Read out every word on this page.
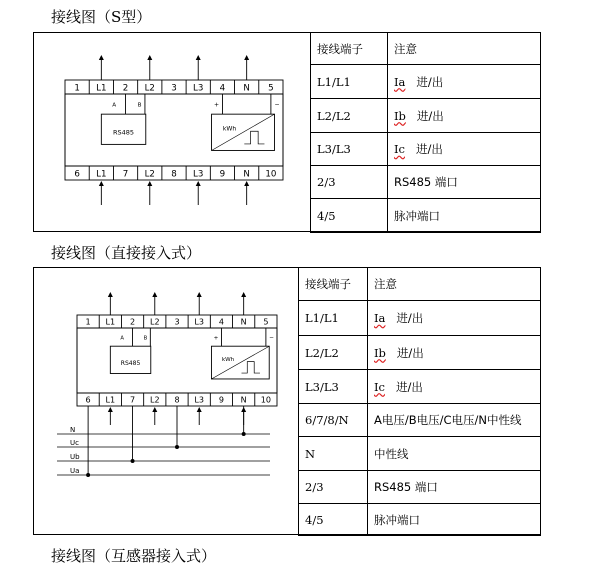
接线图（S型）
接线图（直接接入式）
接线图（互感器接入式）
1 L1 2 L2 3 L3 4 N 5
6 L1 7 L2 8 L3 9 N 10
RS485
A	B
kWh
+	−
接线端子	注意
L1/L1	Ia 进/出
L2/L2	Ib 进/出
L3/L3	Ic 进/出
2/3	RS485 端口
4/5	脉冲端口
1 L1 2 L2 3 L3 4 N 5
6 L1 7 L2 8 L3 9 N 10
RS485
A	B
kWh
+	−
N
Uc
Ub
Ua
接线端子	注意
L1/L1	Ia 进/出
L2/L2	Ib 进/出
L3/L3	Ic 进/出
6/7/8/N	A电压/B电压/C电压/N中性线
N	中性线
2/3	RS485 端口
4/5	脉冲端口
